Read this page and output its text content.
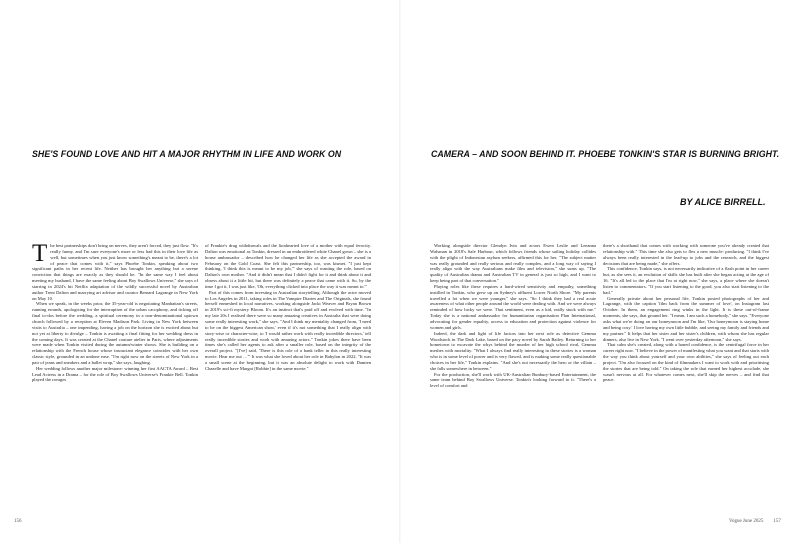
SHE'S FOUND LOVE AND HIT A MAJOR RHYTHM IN LIFE AND WORK ON	CAMERA – AND SOON BEHIND IT. PHOEBE TONKIN'S STAR IS BURNING BRIGHT.
BY ALICE BIRRELL.

The best partnerships don't bring on nerves, they aren't forced, they just flow. "It's really funny, and I'm sure everyone's more or less had this in their love life as well, but sometimes when you just know something's meant to be, there's a lot of peace that comes with it," says Phoebe Tonkin, speaking about two significant paths in her recent life. Neither has brought her anything but a serene conviction that things are exactly as they should be. "In the same way I feel about meeting my husband, I have the same feeling about Boy Swallows Universe," she says of starring in 2024's hit Netflix adaptation of the wildly successful novel by Australian author Trent Dalton and marrying art advisor and curator Bernard Lagrange in New York on May 10.

When we speak, in the weeks prior, the 35-year-old is negotiating Manhattan's streets, running errands, apologising for the interruption of the urban cacophony, and ticking off final to-dos before the wedding, a spiritual ceremony in a non-denominational uptown church followed by a reception at Eleven Madison Park. Living in New York between visits to Australia – one impending, having a job on the horizon she is excited about but not yet at liberty to divulge – Tonkin is awaiting a final fitting for her wedding dress in the coming days. It was created at the Chanel couture atelier in Paris, where adjustments were made when Tonkin visited during the autumn/winter shows. She is building on a relationship with the French house whose insouciant elegance coincides with her own classic style, grounded in an undone ease. "I'm right now on the streets of New York in a pair of jeans and sneakers and a ballet wrap," she says, laughing.

Her wedding follows another major milestone: winning her first AACTA Award – Best Lead Actress in a Drama – for the role of Boy Swallows Universe's Frankie Bell. Tonkin played the ravages

of Frankie's drug withdrawals and the lionhearted love of a mother with equal ferocity. Dalton was emotional as Tonkin, dressed in an embroidered white Chanel gown – she is a house ambassador – described how he changed her life as she accepted the award in February on the Gold Coast. She felt this partnership, too, was kismet. "I just kept thinking, 'I think this is meant to be my job,'" she says of wanting the role, based on Dalton's own mother. "And it didn't mean that I didn't fight for it and think about it and obsess about it a little bit, but there was definitely a peace that came with it. So, by the time I got it, I was just like, 'Oh, everything clicked into place the way it was meant to.'"

Part of this comes from investing in Australian storytelling. Although the actor moved to Los Angeles in 2011, taking roles in The Vampire Diaries and The Originals, she found herself enmeshed in local narratives, working alongside Jacki Weaver and Bryan Brown in 2019's sci-fi mystery Bloom. It's an instinct that's paid off and evolved with time. "In my late 20s I realised there were so many amazing creatives in Australia that were doing some really interesting work," she says. "And I think my mentality changed from, 'I need to be on the biggest American show,' even if it's not something that I really align with story-wise or character-wise, to 'I would rather work with really incredible directors,' tell really incredible stories and work with amazing actors." Tonkin jokes there have been times she's called her agents to ask after a smaller role, based on the integrity of the overall project. "[I've] said, 'There is this role of a bank teller in this really interesting movie. Hear me out …'" It was what she loved about her role in Babylon in 2022. "It was a small scene at the beginning, but it was an absolute delight to work with Damien Chazelle and have Margot [Robbie] in the same movie."

Working alongside director Glendyn Ivin and actors Ewen Leslie and Leeanna Walsman in 2018's Safe Harbour, which follows friends whose sailing holiday collides with the plight of Indonesian asylum seekers, affirmed this for her. "The subject matter was really grounded and really serious and really complex, and a long way of saying I really align with the way Australians make film and television," she sums up. "The quality of Australian drama and Australian TV in general is just so high, and I want to keep being part of that conversation."

Playing roles like these requires a hard-wired sensitivity and empathy, something instilled in Tonkin, who grew up on Sydney's affluent Lower North Shore. "My parents travelled a lot when we were younger," she says. "So I think they had a real acute awareness of what other people around the world were dealing with. And we were always reminded of how lucky we were. That sentiment, even as a kid, really stuck with me." Today she is a national ambassador for humanitarian organisation Plan International, advocating for gender equality, access to education and protection against violence for women and girls.

Indeed, the dark and light of life factors into her next role as detective Gemma Woodstock in The Dark Lake, based on the pacy novel by Sarah Bailey. Returning to her hometown to excavate the whys behind the murder of her high school rival, Gemma meshes with mortality. "What I always find really interesting in these stories is a woman who is in some level of power and is very flawed, and is making some really questionable choices in her life," Tonkin explains. "And she's not necessarily the hero or the villain – she falls somewhere in between."

For the production, she'll work with UK-Australian Bunbury-based Entertainment, the same team behind Boy Swallows Universe. Tonkin's looking forward to it. "There's a level of comfort and

there's a shorthand that comes with working with someone you've already created that relationship with." This time she also gets to flex a new muscle: producing. "I think I've always been really interested in the lead-up to jobs and the research, and the biggest decisions that are being made," she offers.

This confidence, Tonkin says, is not necessarily indicative of a flash point in her career but, as she sees it, an evolution of skills she has built after she began acting at the age of 16. "It's all led to the place that I'm at right now," she says, a place where she doesn't listen to commentators. "If you start listening to the good, you also start listening to the bad."

Generally private about her personal life, Tonkin posted photographs of her and Lagrange, with the caption 'film back from the summer of love', on Instagram last October. In them, an engagement ring winks in the light. It is these out-of-frame moments, she says, that ground her. "I mean, I am such a homebody," she says. "Everyone asks what we're doing on our honeymoon and I'm like, 'Our honeymoon is staying home and being cosy.' I love having my own little bubble, and seeing my family and friends and my partner." It helps that her sister and her sister's children, with whom she has regular dinners, also live in New York. "I went over yesterday afternoon," she says.

That calm she's created, along with a honed confidence, is the centrifugal force in her career right now. "I believe in the power of manifesting what you want and that starts with the way you think about yourself and your own abilities," she says of feeling out each project. "I'm also focused on the kind of filmmakers I want to work with and prioritising the stories that are being told." On taking the role that earned her highest accolade, she wasn't nervous at all. For whatever comes next, she'll skip the nerves – and find that peace.

156	Vogue June 2025 157
